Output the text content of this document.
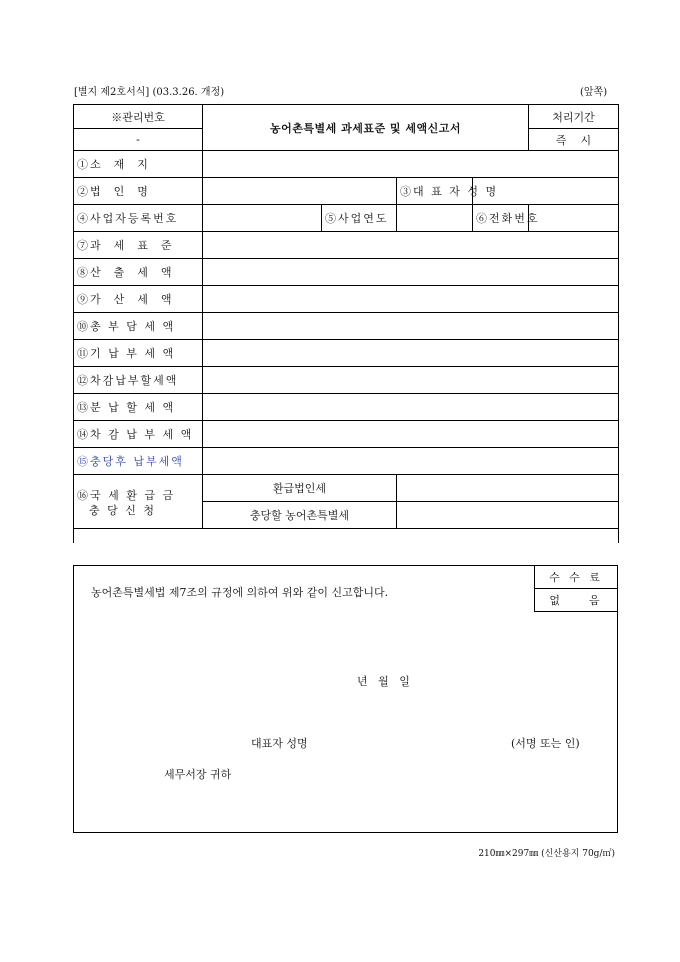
[별지 제2호서식] (03.3.26. 개정)	(앞쪽)
※관리번호	농어촌특별세 과세표준 및 세액신고서				처리기간
-					즉    시
①소  재  지					
②법  인  명			③대 표 자 성 명		
④사업자등록번호		⑤사업연도		⑥전화번호	
⑦과  세  표  준					
⑧산  출  세  액					
⑨가  산  세  액					
⑩총 부 담 세 액					
⑪기 납 부 세 액					
⑫차감납부할세액					
⑬분 납 할 세 액					
⑭차 감 납 부 세 액					
⑮충당후 납부세액					

⑯국 세 환 급 금
충 당 신 청	환급법인세				
	충당할 농어촌특별세				

수 수 료
없    음
농어촌특별세법 제7조의 규정에 의하여 위와 같이 신고합니다.
년   월   일
대표자 성명	(서명 또는 인)
세무서장 귀하
210㎜×297㎜ (신산용지 70g/㎡)
